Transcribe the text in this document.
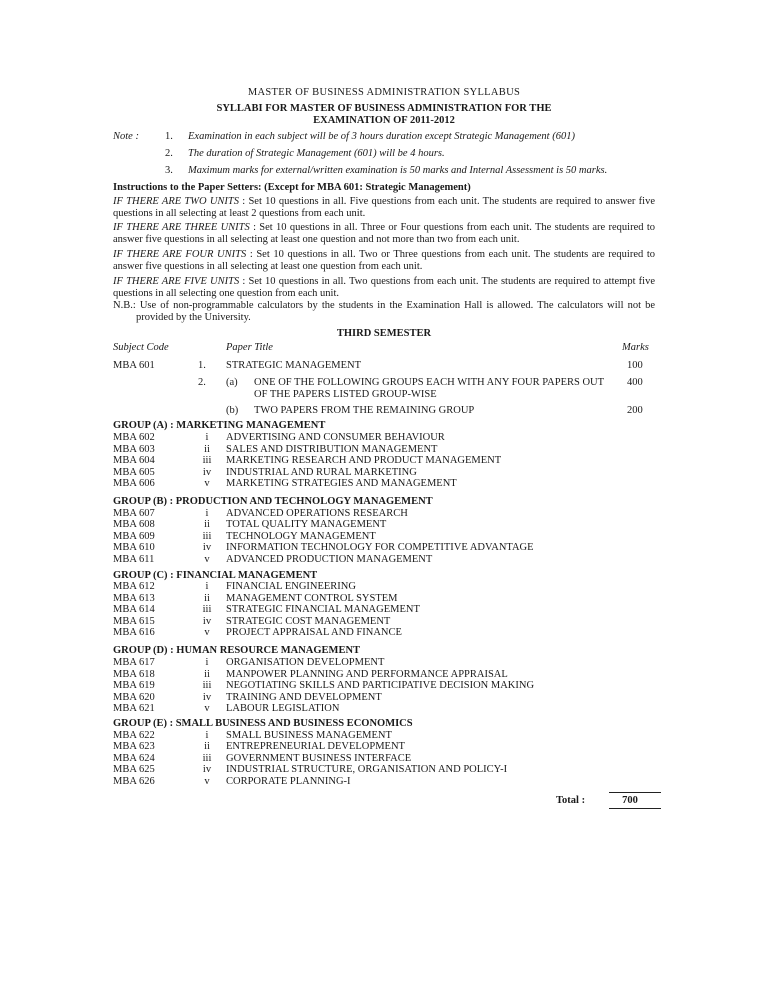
MASTER OF BUSINESS ADMINISTRATION SYLLABUS
SYLLABI FOR MASTER OF BUSINESS ADMINISTRATION FOR THE
EXAMINATION OF 2011-2012
Note : 1. Examination in each subject will be of 3 hours duration except Strategic Management (601)
2. The duration of Strategic Management (601) will be 4 hours.
3. Maximum marks for external/written examination is 50 marks and Internal Assessment is 50 marks.
Instructions to the Paper Setters: (Except for MBA 601: Strategic Management)
IF THERE ARE TWO UNITS : Set 10 questions in all. Five questions from each unit. The students are required to answer five questions in all selecting at least 2 questions from each unit.
IF THERE ARE THREE UNITS : Set 10 questions in all. Three or Four questions from each unit. The students are required to answer five questions in all selecting at least one question and not more than two from each unit.
IF THERE ARE FOUR UNITS : Set 10 questions in all. Two or Three questions from each unit. The students are required to answer five questions in all selecting at least one question from each unit.
IF THERE ARE FIVE UNITS : Set 10 questions in all. Two questions from each unit. The students are required to attempt five questions in all selecting one question from each unit.
N.B.: Use of non-programmable calculators by the students in the Examination Hall is allowed. The calculators will not be provided by the University.
THIRD SEMESTER
Subject Code	Paper Title	Marks
MBA 601	1. STRATEGIC MANAGEMENT	100
2. (a) ONE OF THE FOLLOWING GROUPS EACH WITH ANY FOUR PAPERS OUT
OF THE PAPERS LISTED GROUP-WISE
400
(b) TWO PAPERS FROM THE REMAINING GROUP	200
GROUP (A) : MARKETING MANAGEMENT
MBA 602	i	ADVERTISING AND CONSUMER BEHAVIOUR
MBA 603	ii SALES AND DISTRIBUTION MANAGEMENT
MBA 604	iii MARKETING RESEARCH AND PRODUCT MANAGEMENT
MBA 605	iv INDUSTRIAL AND RURAL MARKETING
MBA 606	v	MARKETING STRATEGIES AND MANAGEMENT
GROUP (B) : PRODUCTION AND TECHNOLOGY MANAGEMENT
MBA 607	i	ADVANCED OPERATIONS RESEARCH
MBA 608	ii TOTAL QUALITY MANAGEMENT
MBA 609	iii TECHNOLOGY MANAGEMENT
MBA 610	iv INFORMATION TECHNOLOGY FOR COMPETITIVE ADVANTAGE
MBA 611	v	ADVANCED PRODUCTION MANAGEMENT
GROUP (C) : FINANCIAL MANAGEMENT
MBA 612	i	FINANCIAL ENGINEERING
MBA 613	ii MANAGEMENT CONTROL SYSTEM
MBA 614	iii STRATEGIC FINANCIAL MANAGEMENT
MBA 615	iv STRATEGIC COST MANAGEMENT
MBA 616	v	PROJECT APPRAISAL AND FINANCE
GROUP (D) : HUMAN RESOURCE MANAGEMENT
MBA 617	i	ORGANISATION DEVELOPMENT
MBA 618	ii MANPOWER PLANNING AND PERFORMANCE APPRAISAL
MBA 619	iii NEGOTIATING SKILLS AND PARTICIPATIVE DECISION MAKING
MBA 620	iv TRAINING AND DEVELOPMENT
MBA 621	v	LABOUR LEGISLATION
GROUP (E) : SMALL BUSINESS AND BUSINESS ECONOMICS
MBA 622	i	SMALL BUSINESS MANAGEMENT
MBA 623	ii ENTREPRENEURIAL DEVELOPMENT
MBA 624	iii GOVERNMENT BUSINESS INTERFACE
MBA 625	iv INDUSTRIAL STRUCTURE, ORGANISATION AND POLICY-I
MBA 626	v	CORPORATE PLANNING-I
Total :	700
